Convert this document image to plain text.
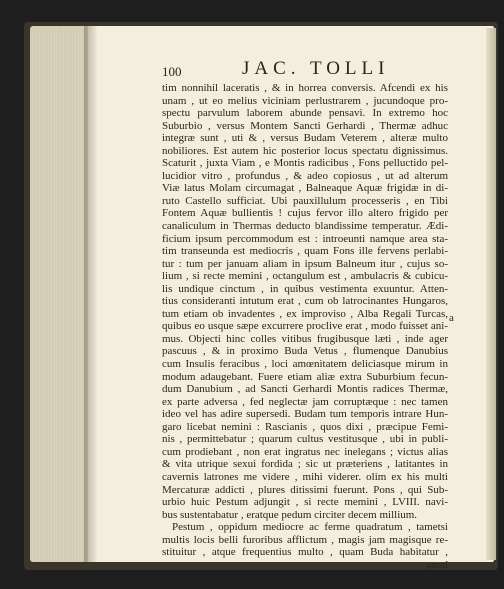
100	JAC. TOLLI
tim nonnihil laceratis , & in horrea conversis. Afcendi ex his
unam , ut eo melius viciniam perlustrarem , jucundoque pro-
spectu parvulum laborem abunde pensavi. In extremo hoc
Suburbio , versus Montem Sancti Gerhardi , Thermæ adhuc
integræ sunt , uti & , versus Budam Veterem , alteræ multo
nobiliores. Est autem hic posterior locus spectatu dignissimus.
Scaturit , juxta Viam , e Montis radicibus , Fons pelluctido pel-
lucidior vitro , profundus , & adeo copiosus , ut ad alterum
Viæ latus Molam circumagat , Balneaque Aquæ frigidæ in di-
ruto Castello sufficiat. Ubi pauxillulum processeris , en Tibi
Fontem Aquæ bullientis ! cujus fervor illo altero frigido per
canaliculum in Thermas deducto blandissime temperatur. Ædi-
ficium ipsum percommodum est : introeunti namque area sta-
tim transeunda est mediocris , quam Fons ille fervens perlabi-
tur : tum per januam aliam in ipsum Balneum itur , cujus so-
lium , si recte memini , octangulum est , ambulacris & cubicu-
lis undique cinctum , in quibus vestimenta exuuntur. Atten-
tius consideranti intutum erat , cum ob latrocinantes Hungaros,
tum etiam ob invadentes , ex improviso , Alba Regali Turcas,
quibus eo usque sæpe excurrere proclive erat , modo fuisset ani-
mus. Objecti hinc colles vitibus frugibusque læti , inde ager
pascuus , & in proximo Buda Vetus , flumenque Danubius
cum Insulis feracibus , loci amœnitatem deliciasque mirum in
modum adaugebant. Fuere etiam aliæ extra Suburbium fecun-
dum Danubium , ad Sancti Gerhardi Montis radices Thermæ,
ex parte adversa , fed neglectæ jam corruptæque : nec tamen
ideo vel has adire supersedi. Budam tum temporis intrare Hun-
garo licebat nemini : Rascianis , quos dixi , præcipue Femi-
nis , permittebatur ; quarum cultus vestitusque , ubi in publi-
cum prodiebant , non erat ingratus nec inelegans ; victus alias
& vita utrique sexui fordida ; sic ut præteriens , latitantes in
cavernis latrones me videre , mihi viderer. olim ex his multi
Mercaturæ addicti , plures ditissimi fuerunt. Pons , qui Sub-
urbio huic Pestum adjungit , si recte memini , LVIII. navi-
bus sustentabatur , eratque pedum circiter decem millium.
Pestum , oppidum mediocre ac ferme quadratum , tametsi
multis locis belli furoribus afflictum , magis jam magisque re-
stituitur , atque frequentius multo , quam Buda habitatur ,
quod
a
